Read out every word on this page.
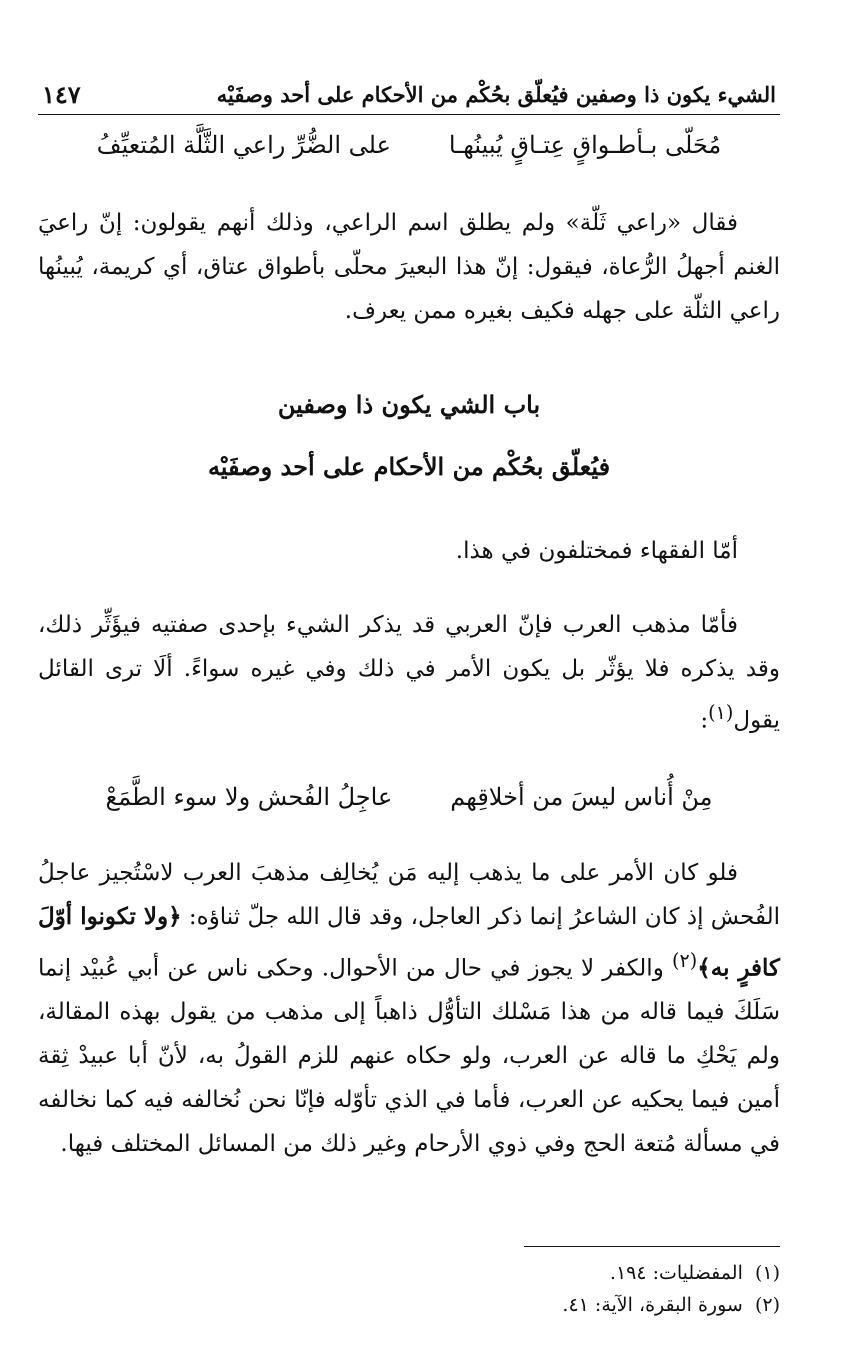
الشيء يكون ذا وصفين فيُعلّق بحُكْم من الأحكام على أحد وصفَيْه
١٤٧
مُحَلّى بـأطـواقٍ عِتـاقٍ يُبينُهـا
على الضُّرِّ راعي الثَّلَّة المُتعيِّفُ

فقال «راعي ثَلّة» ولم يطلق اسم الراعي، وذلك أنهم يقولون: إنّ راعيَ الغنم أجهلُ الرُّعاة، فيقول: إنّ هذا البعيرَ محلّى بأطواق عتاق، أي كريمة، يُبينُها راعي الثلّة على جهله فكيف بغيره ممن يعرف.

باب الشي يكون ذا وصفين

فيُعلّق بحُكْم من الأحكام على أحد وصفَيْه

أمّا الفقهاء فمختلفون في هذا.

فأمّا مذهب العرب فإنّ العربي قد يذكر الشيء بإحدى صفتيه فيؤَثِّر ذلك، وقد يذكره فلا يؤثّر بل يكون الأمر في ذلك وفي غيره سواءً. ألَا ترى القائل يقول$^{(١)}$:

مِنْ أُناس ليسَ من أخلاقِهم
عاجِلُ الفُحش ولا سوء الطَّمَعْ

فلو كان الأمر على ما يذهب إليه مَن يُخالِف مذهبَ العرب لاسْتُجيز عاجلُ الفُحش إذ كان الشاعرُ إنما ذكر العاجل، وقد قال الله جلّ ثناؤه: ﴿ولا تكونوا أوّلَ كافرٍ به﴾$^{(٢)}$ والكفر لا يجوز في حال من الأحوال. وحكى ناس عن أبي عُبيْد إنما سَلَكَ فيما قاله من هذا مَسْلك التأوُّل ذاهباً إلى مذهب من يقول بهذه المقالة، ولم يَحْكِ ما قاله عن العرب، ولو حكاه عنهم للزم القولُ به، لأنّ أبا عبيدْ ثِقة أمين فيما يحكيه عن العرب، فأما في الذي تأوّله فإنّا نحن نُخالفه فيه كما نخالفه في مسألة مُتعة الحج وفي ذوي الأرحام وغير ذلك من المسائل المختلف فيها.

(١)  المفضليات: ١٩٤.

(٢)  سورة البقرة، الآية: ٤١.
